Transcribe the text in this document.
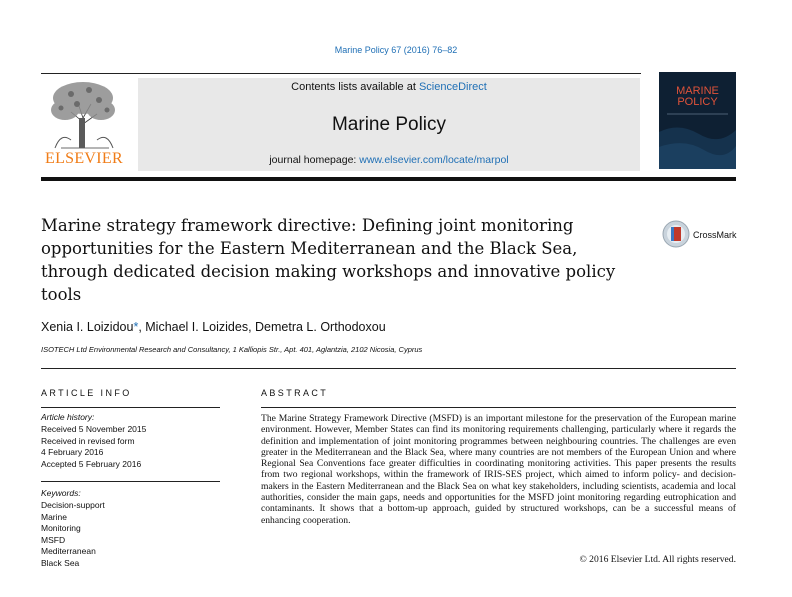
Marine Policy 67 (2016) 76–82
ELSEVIER
Contents lists available at ScienceDirect
Marine Policy
journal homepage: www.elsevier.com/locate/marpol
MARINE
POLICY
Marine strategy framework directive: Defining joint monitoring
opportunities for the Eastern Mediterranean and the Black Sea,
through dedicated decision making workshops and innovative policy
tools
CrossMark
Xenia I. Loizidou*, Michael I. Loizides, Demetra L. Orthodoxou
ISOTECH Ltd Environmental Research and Consultancy, 1 Kalliopis Str., Apt. 401, Aglantzia, 2102 Nicosia, Cyprus
ARTICLE INFO
Article history:
Received 5 November 2015
Received in revised form
4 February 2016
Accepted 5 February 2016
Keywords:
Decision-support
Marine
Monitoring
MSFD
Mediterranean
Black Sea
ABSTRACT
The Marine Strategy Framework Directive (MSFD) is an important milestone for the preservation of the European marine environment. However, Member States can find its monitoring requirements challenging, particularly where it regards the definition and implementation of joint monitoring programmes between neighbouring countries. The challenges are even greater in the Mediterranean and the Black Sea, where many countries are not members of the European Union and where Regional Sea Conventions face greater difficulties in coordinating monitoring activities. This paper presents the results from two regional workshops, within the framework of IRIS-SES project, which aimed to inform policy- and decision-makers in the Eastern Mediterranean and the Black Sea on what key stakeholders, including scientists, academia and local authorities, consider the main gaps, needs and opportunities for the MSFD joint monitoring regarding eutrophication and contaminants. It shows that a bottom-up approach, guided by structured workshops, can be a successful means of enhancing cooperation.
© 2016 Elsevier Ltd. All rights reserved.
